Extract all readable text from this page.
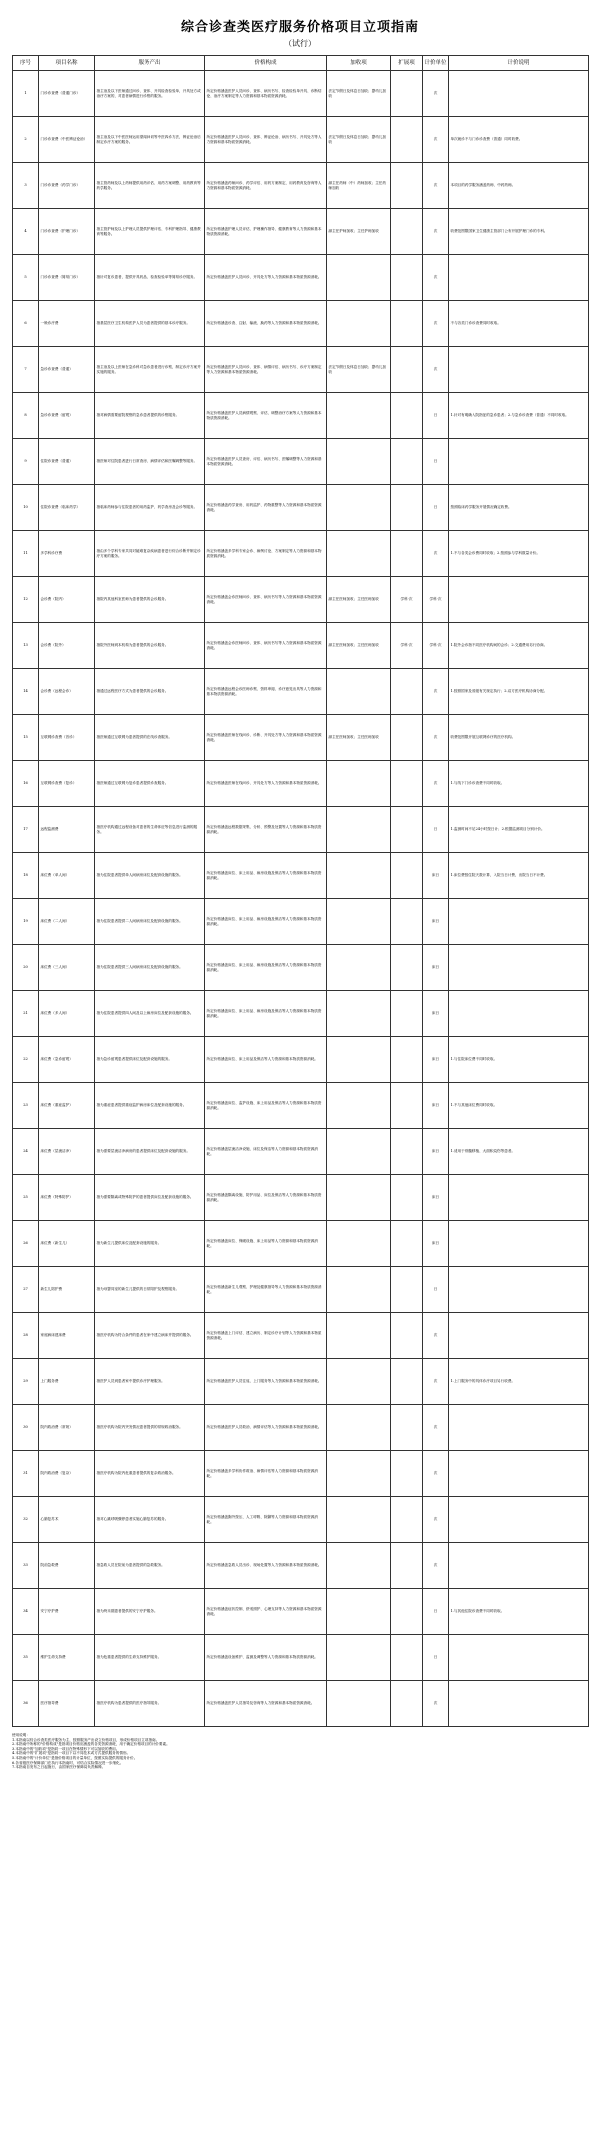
综合诊查类医疗服务价格项目立项指南
（试行）
序号	项目名称	服务产出	价格构成	加收项	扩展项	计价单位	计价说明
1	门诊诊查费（普通门诊）	指主治及以下医师通过问诊、查体、开具检查检验单，开具处方或治疗方案的，对患者病情进行诊察的服务。	所定价格涵盖医护人员问诊、查体、病历书写、检查检验单开具、诊断结论、治疗方案制定等人力资源和基本物质资源消耗。	法定节假日及休息日加收；婴幼儿加收		次	
2	门诊诊查费（中医辨证论治）	指主治及以下中医医师运用望闻问切等中医四诊方法，辨证论治后制定诊疗方案的服务。	所定价格涵盖医护人员问诊、查体、辨证论治、病历书写、开具处方等人力资源和基本物质资源消耗。	法定节假日及休息日加收；婴幼儿加收		次	单次就诊不与门诊诊查费（普通）同时收费。
3	门诊诊查费（药学门诊）	指主管药师及以上药师提供用药评估、用药方案调整、用药教育等药学服务。	所定价格涵盖药师问诊、药学评估、用药方案制定、用药教育及咨询等人力资源和基本物质资源消耗。	副主任药师（中）药师加收；主任药师加收		次	本项目的药学服务涵盖药师、中药药师。
4	门诊诊查费（护理门诊）	指主管护师及以上护理人员提供护理评估、专科护理指导、健康教育等服务。	所定价格涵盖护理人员评估、护理操作指导、健康教育等人力资源和基本物质资源消耗。	副主任护师加收；主任护师加收		次	收费范围限国家卫生健康主管部门公布开展护理门诊的专科。
5	门诊诊查费（简易门诊）	指针对复诊患者，提供开具药品、检查检验单等简易诊疗服务。	所定价格涵盖医护人员问诊、开具处方等人力资源和基本物质资源消耗。			次	
6	一般诊疗费	指基层医疗卫生机构医护人员为患者提供的基本诊疗服务。	所定价格涵盖诊查、注射、输液、换药等人力资源和基本物质资源消耗。			次	不与各类门诊诊查费同时收取。
7	急诊诊查费（普通）	指主治及以上医师在急诊科对急诊患者进行诊察，制定诊疗方案并实施的服务。	所定价格涵盖医护人员问诊、查体、病情评估、病历书写、诊疗方案制定等人力资源和基本物质资源消耗。	法定节假日及休息日加收；婴幼儿加收		次	
8	急诊诊查费（留观）	指对病情需要留院观察的急诊患者提供的诊察服务。	所定价格涵盖医护人员病情观察、评估、调整治疗方案等人力资源和基本物质资源消耗。			日	1.针对有明确入院指征的急诊患者；2.与急诊诊查费（普通）不同时收取。
9	住院诊查费（普通）	指医师对住院患者进行日常查房、病情评估和医嘱调整等服务。	所定价格涵盖医护人员查房、评估、病历书写、医嘱调整等人力资源和基本物质资源消耗。			日	
10	住院诊查费（临床药学）	指临床药师参与住院患者的用药监护、药学查房及会诊等服务。	所定价格涵盖药学查房、用药监护、药物重整等人力资源和基本物质资源消耗。			日	按照临床药学服务开展情况确定收费。
11	多学科诊疗费	指由多个学科专家共同对疑难复杂疾病患者进行综合诊断并制定诊疗方案的服务。	所定价格涵盖多学科专家会诊、病例讨论、方案制定等人力资源和基本物质资源消耗。			次	1.不与各类会诊费同时收取；2.按照参与学科数量计价。
12	会诊费（院内）	指院内其他科室医师为患者提供的会诊服务。	所定价格涵盖会诊医师问诊、查体、病历书写等人力资源和基本物质资源消耗。	副主任医师加收；主任医师加收	学科·次	学科·次	
13	会诊费（院外）	指院外医师到本机构为患者提供的会诊服务。	所定价格涵盖会诊医师问诊、查体、病历书写等人力资源和基本物质资源消耗。	副主任医师加收；主任医师加收	学科·次	学科·次	1.院外会诊指不同医疗机构间的会诊；2.交通费用另行协商。
14	会诊费（远程会诊）	指通过远程医疗方式为患者提供的会诊服务。	所定价格涵盖远程会诊医师诊察、资料审阅、诊疗意见出具等人力资源和基本物质资源消耗。			次	1.按照国家及省级有关规定执行；2.双方医疗机构协商分配。
15	互联网诊查费（首诊）	指医师通过互联网为患者提供的在线诊查服务。	所定价格涵盖医师在线问诊、诊断、开具处方等人力资源和基本物质资源消耗。	副主任医师加收；主任医师加收		次	收费范围限开展互联网诊疗的医疗机构。
16	互联网诊查费（复诊）	指医师通过互联网为复诊患者提供诊查服务。	所定价格涵盖医师在线问诊、开具处方等人力资源和基本物质资源消耗。			次	1.与线下门诊诊查费不同时收取。
17	远程监测费	指医疗机构通过远程设备对患者的生命体征等信息进行监测的服务。	所定价格涵盖远程数据采集、分析、预警及处置等人力资源和基本物质资源消耗。			日	1.监测时间不足24小时按日计；2.根据监测项目分别计价。
18	床位费（单人间）	指为住院患者提供单人间病房床位及配套设施的服务。	所定价格涵盖床位、床上用品、病房设施及保洁等人力资源和基本物质资源消耗。			床日	1.床位费按住院天数计算，入院当日计费，出院当日不计费。
19	床位费（二人间）	指为住院患者提供二人间病房床位及配套设施的服务。	所定价格涵盖床位、床上用品、病房设施及保洁等人力资源和基本物质资源消耗。			床日	
20	床位费（三人间）	指为住院患者提供三人间病房床位及配套设施的服务。	所定价格涵盖床位、床上用品、病房设施及保洁等人力资源和基本物质资源消耗。			床日	
21	床位费（多人间）	指为住院患者提供四人间及以上病房床位及配套设施的服务。	所定价格涵盖床位、床上用品、病房设施及保洁等人力资源和基本物质资源消耗。			床日	
22	床位费（急诊留观）	指为急诊留观患者提供床位及配套设施的服务。	所定价格涵盖床位、床上用品及保洁等人力资源和基本物质资源消耗。			床日	1.与住院床位费不同时收取。
23	床位费（重症监护）	指为重症患者提供重症监护病房床位及配套设施的服务。	所定价格涵盖床位、监护设施、床上用品及保洁等人力资源和基本物质资源消耗。			床日	1.不与其他床位费同时收取。
24	床位费（层流洁净）	指为需要层流洁净病房的患者提供床位及配套设施的服务。	所定价格涵盖层流洁净设施、床位及保洁等人力资源和基本物质资源消耗。			床日	1.适用于骨髓移植、大面积烧伤等患者。
25	床位费（特殊防护）	指为需要隔离或特殊防护的患者提供床位及配套设施的服务。	所定价格涵盖隔离设施、防护用品、床位及保洁等人力资源和基本物质资源消耗。			床日	
26	床位费（新生儿）	指为新生儿提供床位及配套设施的服务。	所定价格涵盖床位、保暖设施、床上用品等人力资源和基本物质资源消耗。			床日	
27	新生儿陪护费	指为母婴同室的新生儿提供的日常陪护及观察服务。	所定价格涵盖新生儿观察、护理及健康指导等人力资源和基本物质资源消耗。			日	
28	家庭病床建床费	指医疗机构为符合条件的患者在家中建立病床并提供的服务。	所定价格涵盖上门评估、建立病历、制定诊疗计划等人力资源和基本物质资源消耗。			次	
29	上门服务费	指医护人员到患者家中提供诊疗护理服务。	所定价格涵盖医护人员往返、上门服务等人力资源和基本物质资源消耗。			次	1.上门服务中的具体诊疗项目另行收费。
30	院内救治费（常规）	指医疗机构为院内突发情况患者提供的常规救治服务。	所定价格涵盖医护人员救治、病情评估等人力资源和基本物质资源消耗。			次	
31	院内救治费（复杂）	指医疗机构为院内危重患者提供的复杂救治服务。	所定价格涵盖多学科协作救治、病情评估等人力资源和基本物质资源消耗。			次	
32	心肺复苏术	指对心跳呼吸骤停患者实施心肺复苏的服务。	所定价格涵盖胸外按压、人工呼吸、除颤等人力资源和基本物质资源消耗。			次	
33	院前急救费	指急救人员在院前为患者提供的急救服务。	所定价格涵盖急救人员出诊、现场处置等人力资源和基本物质资源消耗。			次	
34	安宁疗护费	指为终末期患者提供的安宁疗护服务。	所定价格涵盖症状控制、舒适照护、心理支持等人力资源和基本物质资源消耗。			日	1.与其他住院诊查费不同时收取。
35	维护生命支持费	指为危重患者提供的生命支持维护服务。	所定价格涵盖设备维护、监测及调整等人力资源和基本物质资源消耗。			日	
36	医疗指导费	指医疗机构为患者提供的医疗指导服务。	所定价格涵盖医护人员指导及咨询等人力资源和基本物质资源消耗。			次	

使用说明：

1.本指南以综合诊查类医疗服务为主，按照服务产出设立价格项目，形成价格项目立项指南。

2.本指南中所称的"价格构成"是指项目价格应涵盖的各类资源消耗，用于确定价格项目的计价要素。

3.本指南中的"加收项"是指同一项目在特殊情形下可以加收的费用。

4.本指南中的"扩展项"是指同一项目下以不同技术或方式提供服务的情形。

5.本指南中的"计价单位"是指价格项目的计量单位，按照实际提供的服务计价。

6.各省级医疗保障部门在执行本指南时，可结合实际情况进一步细化。

7.本指南自发布之日起施行，由国家医疗保障局负责解释。
